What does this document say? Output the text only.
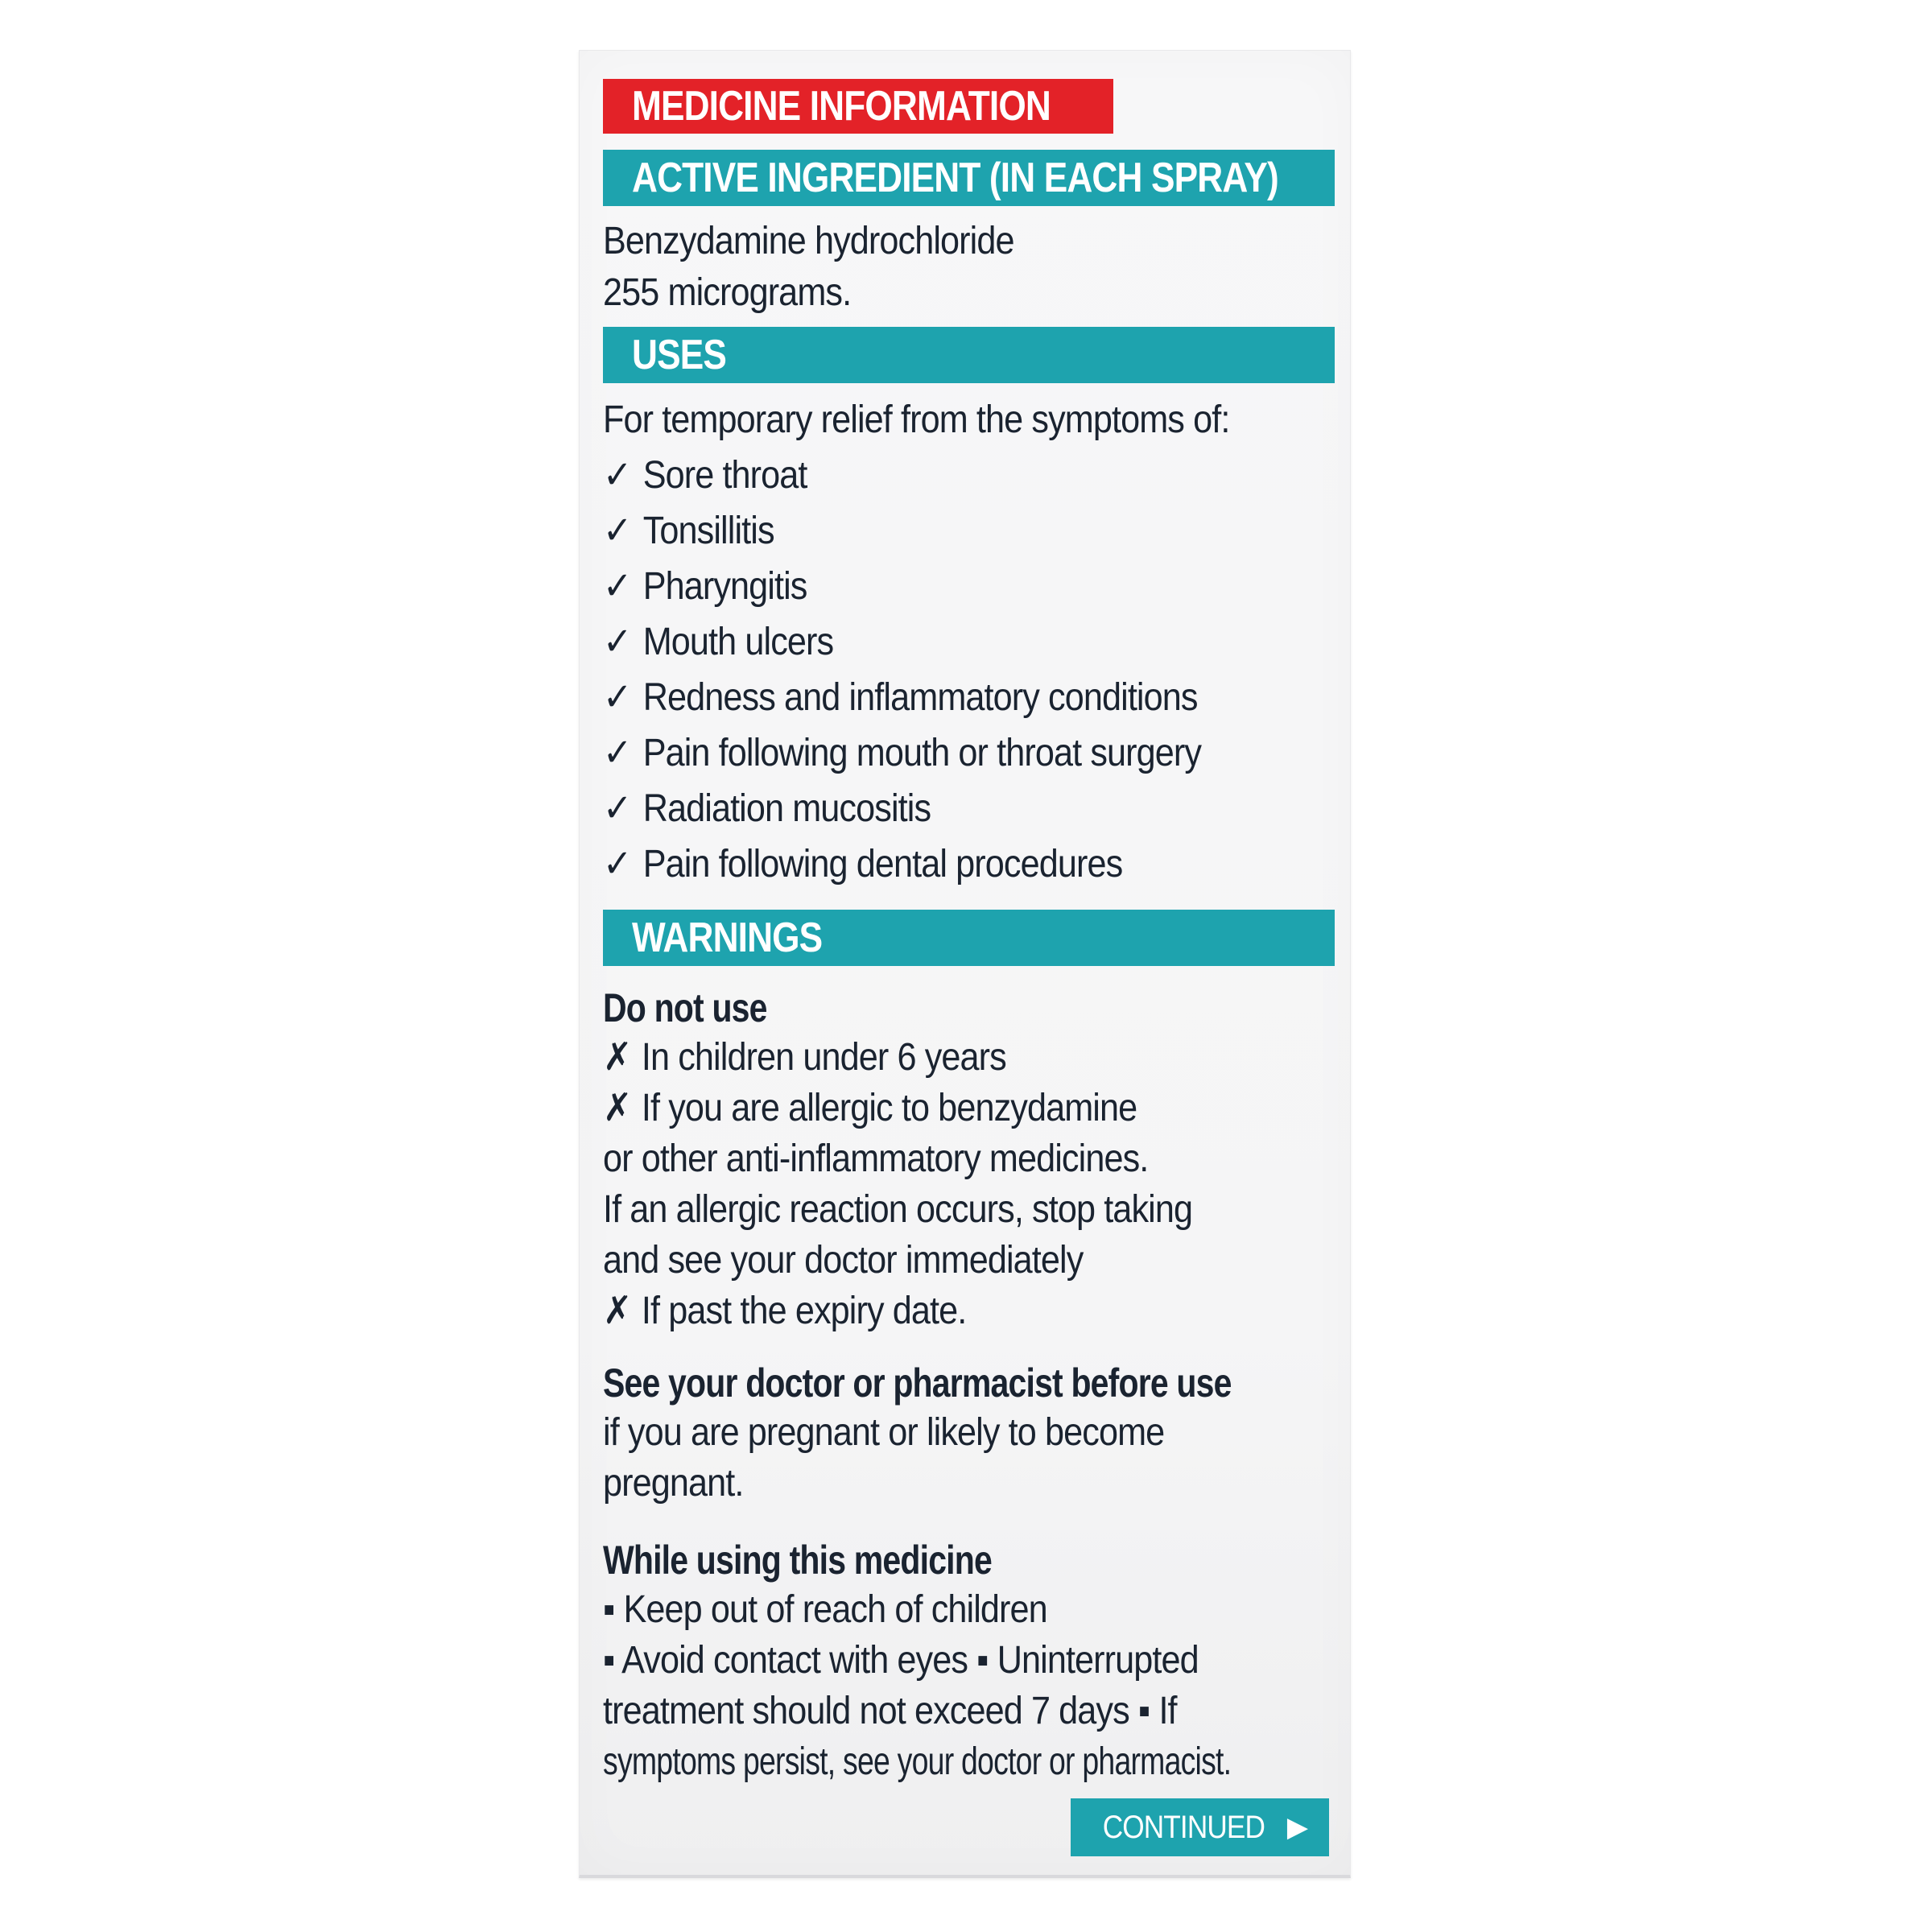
MEDICINE INFORMATION
ACTIVE INGREDIENT (IN EACH SPRAY)

Benzydamine hydrochloride

255 micrograms.

USES

For temporary relief from the symptoms of:

✓ Sore throat
✓ Tonsillitis
✓ Pharyngitis
✓ Mouth ulcers
✓ Redness and inflammatory conditions
✓ Pain following mouth or throat surgery
✓ Radiation mucositis
✓ Pain following dental procedures
WARNINGS

Do not use

✗ In children under 6 years
✗ If you are allergic to benzydamine
or other anti-inflammatory medicines.
If an allergic reaction occurs, stop taking
and see your doctor immediately
✗ If past the expiry date.

See your doctor or pharmacist before use

if you are pregnant or likely to become

pregnant.

While using this medicine

▪ Keep out of reach of children

▪ Avoid contact with eyes ▪ Uninterrupted

treatment should not exceed 7 days ▪ If

symptoms persist, see your doctor or pharmacist.

CONTINUED ▶
